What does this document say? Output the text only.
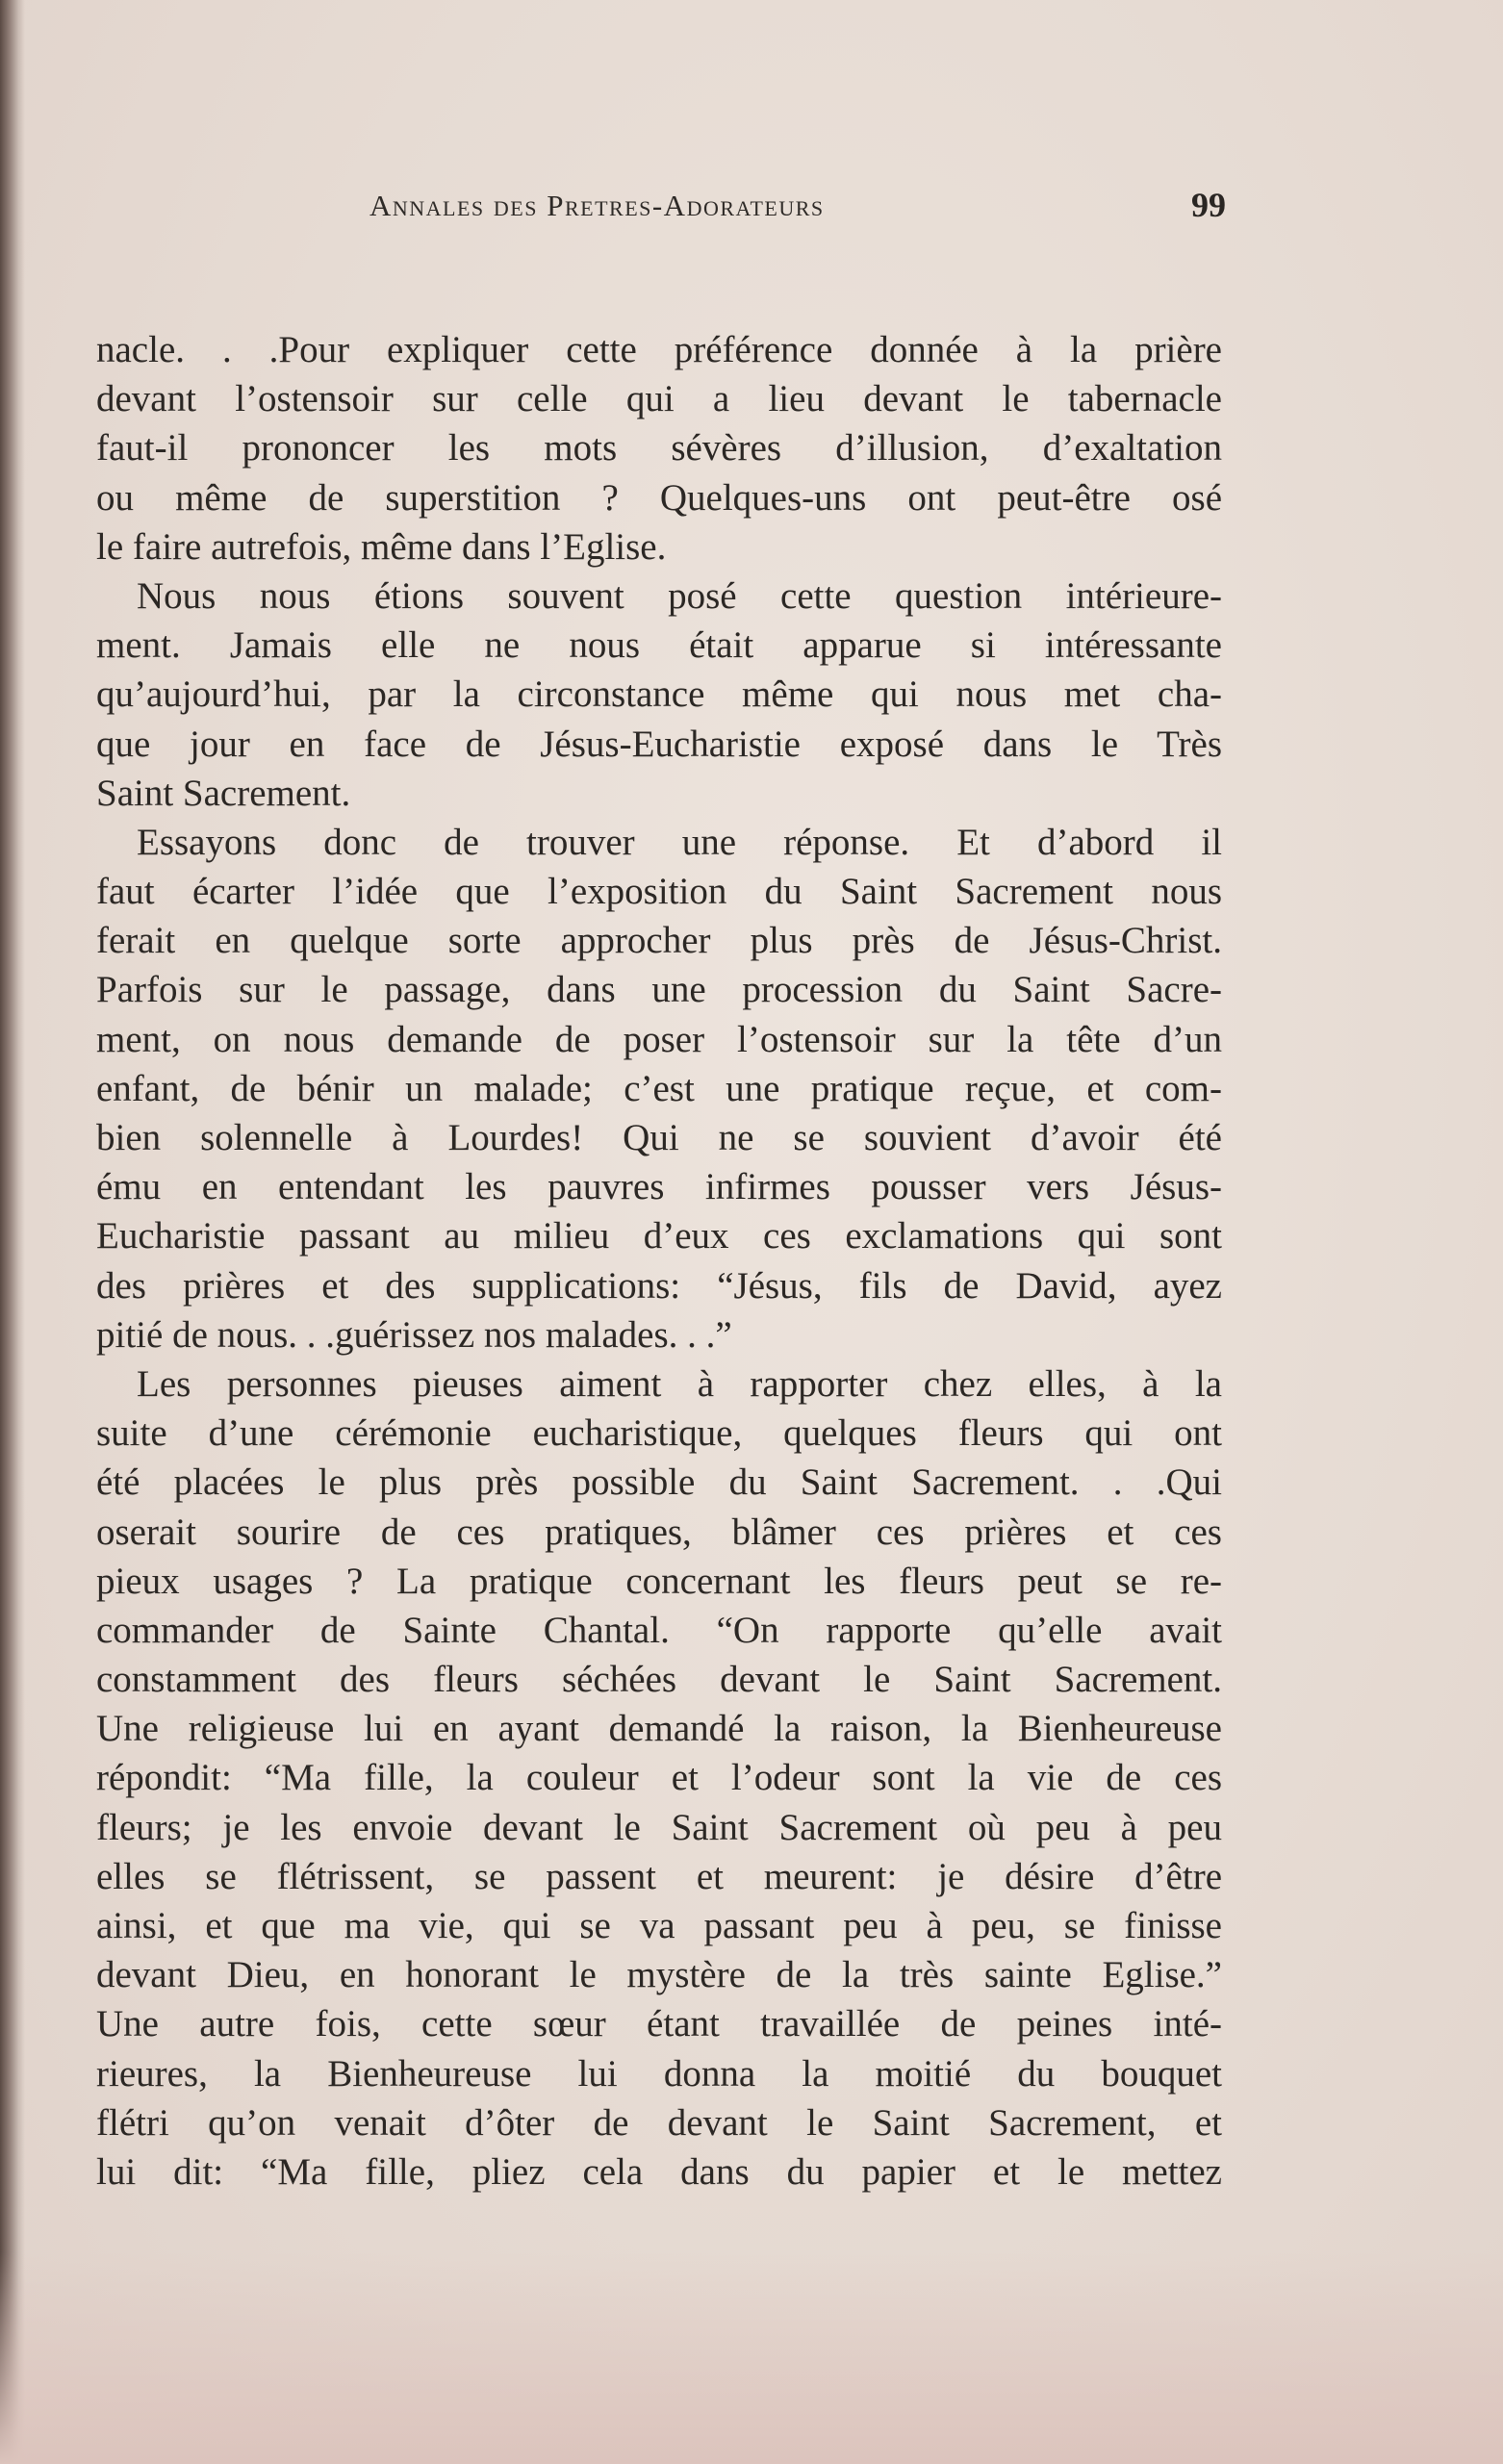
Annales des Pretres-Adorateurs	99
nacle. . .Pour expliquer cette préférence donnée à la prière
devant l’ostensoir sur celle qui a lieu devant le tabernacle
faut-il prononcer les mots sévères d’illusion, d’exaltation
ou même de superstition ? Quelques-uns ont peut-être osé
le faire autrefois, même dans l’Eglise.
Nous nous étions souvent posé cette question intérieure-
ment. Jamais elle ne nous était apparue si intéressante
qu’aujourd’hui, par la circonstance même qui nous met cha-
que jour en face de Jésus-Eucharistie exposé dans le Très
Saint Sacrement.
Essayons donc de trouver une réponse. Et d’abord il
faut écarter l’idée que l’exposition du Saint Sacrement nous
ferait en quelque sorte approcher plus près de Jésus-Christ.
Parfois sur le passage, dans une procession du Saint Sacre-
ment, on nous demande de poser l’ostensoir sur la tête d’un
enfant, de bénir un malade; c’est une pratique reçue, et com-
bien solennelle à Lourdes! Qui ne se souvient d’avoir été
ému en entendant les pauvres infirmes pousser vers Jésus-
Eucharistie passant au milieu d’eux ces exclamations qui sont
des prières et des supplications: “Jésus, fils de David, ayez
pitié de nous. . .guérissez nos malades. . .”
Les personnes pieuses aiment à rapporter chez elles, à la
suite d’une cérémonie eucharistique, quelques fleurs qui ont
été placées le plus près possible du Saint Sacrement. . .Qui
oserait sourire de ces pratiques, blâmer ces prières et ces
pieux usages ? La pratique concernant les fleurs peut se re-
commander de Sainte Chantal. “On rapporte qu’elle avait
constamment des fleurs séchées devant le Saint Sacrement.
Une religieuse lui en ayant demandé la raison, la Bienheureuse
répondit: “Ma fille, la couleur et l’odeur sont la vie de ces
fleurs; je les envoie devant le Saint Sacrement où peu à peu
elles se flétrissent, se passent et meurent: je désire d’être
ainsi, et que ma vie, qui se va passant peu à peu, se finisse
devant Dieu, en honorant le mystère de la très sainte Eglise.”
Une autre fois, cette sœur étant travaillée de peines inté-
rieures, la Bienheureuse lui donna la moitié du bouquet
flétri qu’on venait d’ôter de devant le Saint Sacrement, et
lui dit: “Ma fille, pliez cela dans du papier et le mettez
